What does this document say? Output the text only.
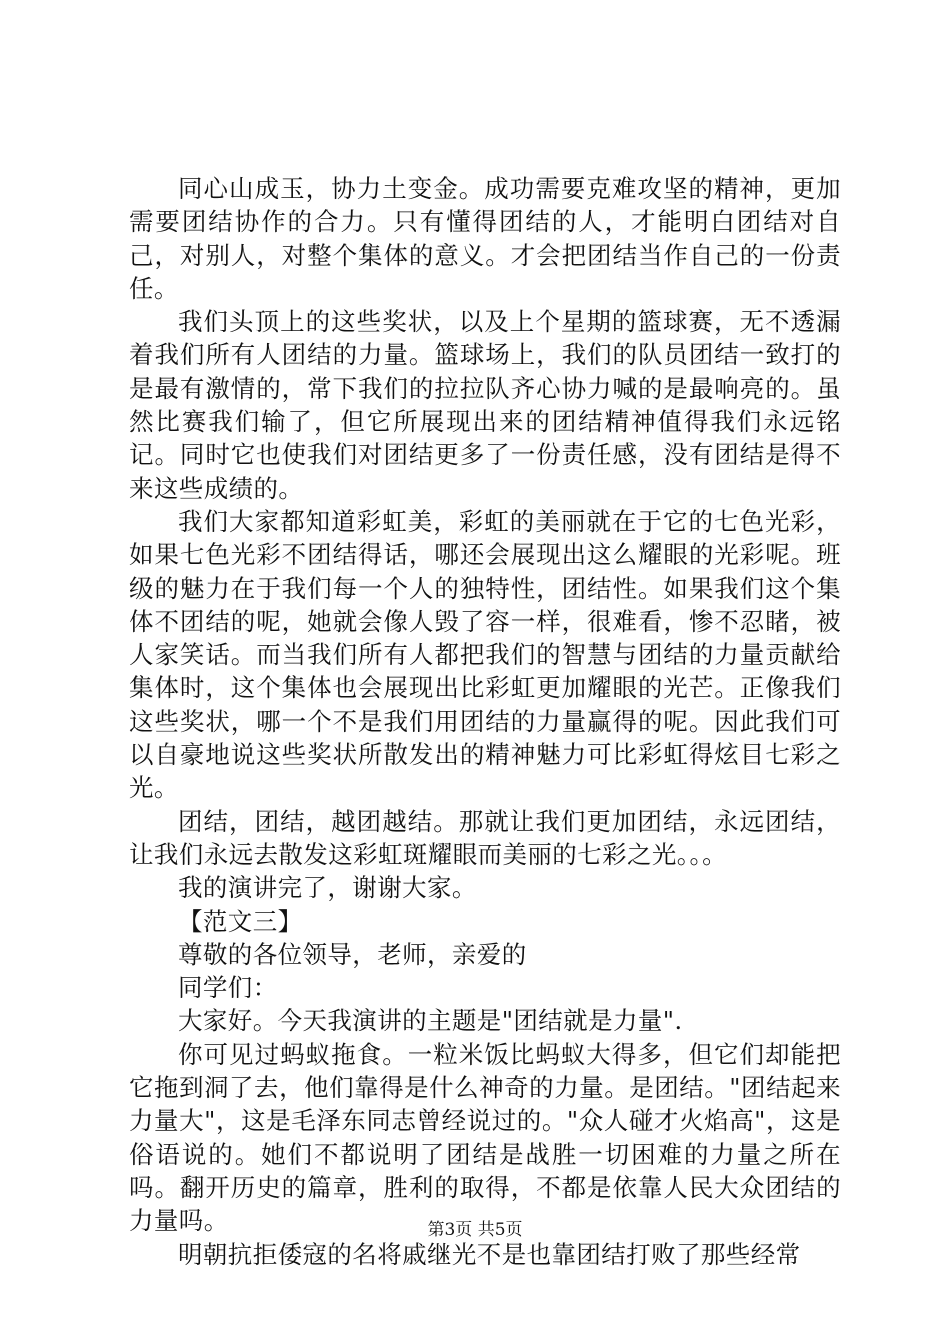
同心山成玉，协力土变金。成功需要克难攻坚的精神，更加需要团结协作的合力。只有懂得团结的人，才能明白团结对自己，对别人，对整个集体的意义。才会把团结当作自己的一份责任。

我们头顶上的这些奖状，以及上个星期的篮球赛，无不透漏着我们所有人团结的力量。篮球场上，我们的队员团结一致打的是最有激情的，常下我们的拉拉队齐心协力喊的是最响亮的。虽然比赛我们输了，但它所展现出来的团结精神值得我们永远铭记。同时它也使我们对团结更多了一份责任感，没有团结是得不来这些成绩的。

我们大家都知道彩虹美，彩虹的美丽就在于它的七色光彩，如果七色光彩不团结得话，哪还会展现出这么耀眼的光彩呢。班级的魅力在于我们每一个人的独特性，团结性。如果我们这个集体不团结的呢，她就会像人毁了容一样，很难看，惨不忍睹，被人家笑话。而当我们所有人都把我们的智慧与团结的力量贡献给集体时，这个集体也会展现出比彩虹更加耀眼的光芒。正像我们这些奖状，哪一个不是我们用团结的力量赢得的呢。因此我们可以自豪地说这些奖状所散发出的精神魅力可比彩虹得炫目七彩之光。

团结，团结，越团越结。那就让我们更加团结，永远团结，让我们永远去散发这彩虹斑耀眼而美丽的七彩之光。。。

我的演讲完了，谢谢大家。

【范文三】

尊敬的各位领导，老师，亲爱的

同学们：

大家好。今天我演讲的主题是"团结就是力量".

你可见过蚂蚁拖食。一粒米饭比蚂蚁大得多，但它们却能把它拖到洞了去，他们靠得是什么神奇的力量。是团结。"团结起来力量大"，这是毛泽东同志曾经说过的。"众人碰才火焰高"，这是俗语说的。她们不都说明了团结是战胜一切困难的力量之所在吗。翻开历史的篇章，胜利的取得，不都是依靠人民大众团结的力量吗。

明朝抗拒倭寇的名将戚继光不是也靠团结打败了那些经常

第3页 共5页
